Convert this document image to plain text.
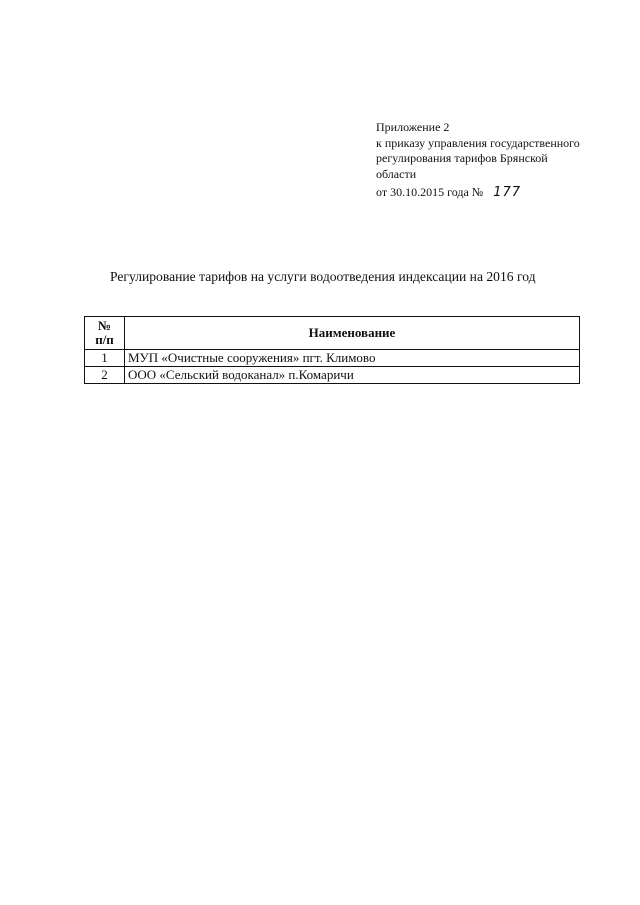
Приложение 2
к приказу управления государственного
регулирования тарифов Брянской
области
от 30.10.2015 года № 177
Регулирование тарифов на услуги водоотведения индексации на 2016 год
№
п/п	Наименование
1	МУП «Очистные сооружения» пгт. Климово
2	ООО «Сельский водоканал» п.Комаричи
